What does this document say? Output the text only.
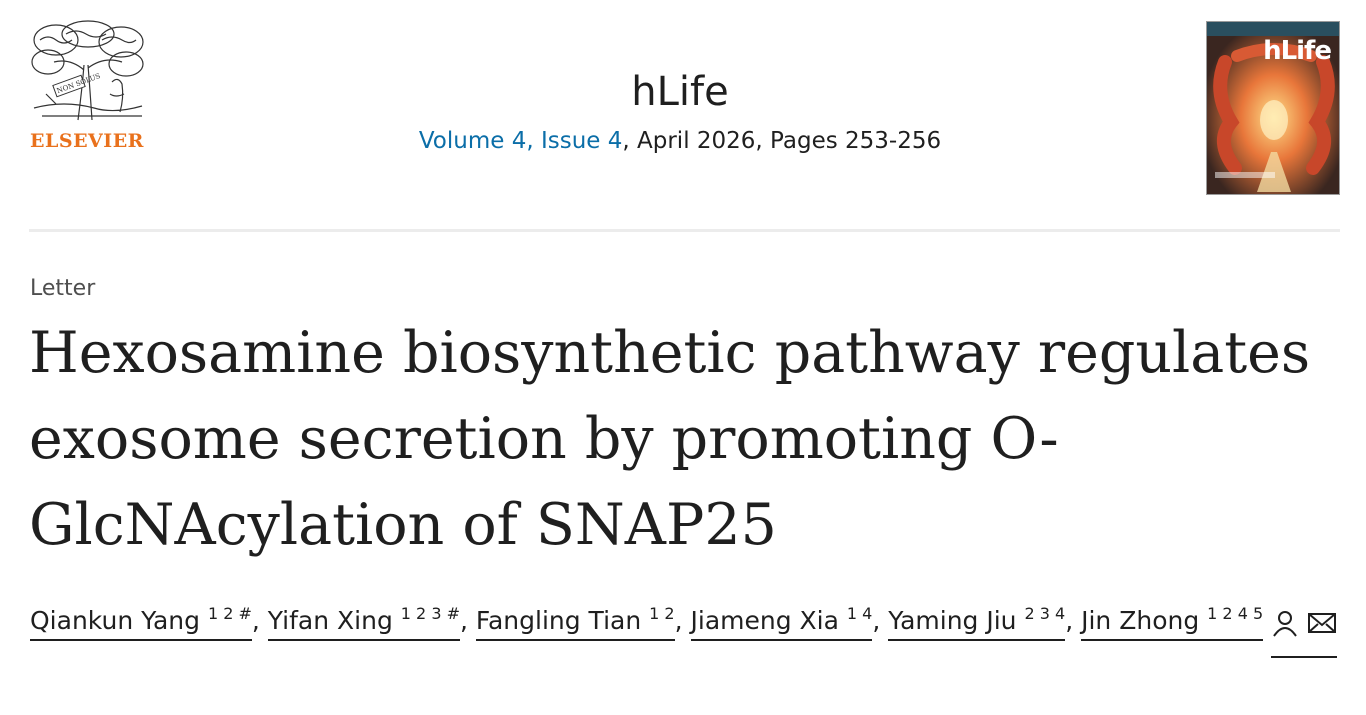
NON SOLUS
ELSEVIER
hLife
Volume 4, Issue 4, April 2026, Pages 253-256
hLife
Letter
Hexosamine biosynthetic pathway regulates exosome secretion by promoting O-GlcNAcylation of SNAP25
Qiankun Yang $^{1 2 \#}$, Yifan Xing $^{1 2 3 \#}$, Fangling Tian $^{1 2}$, Jiameng Xia $^{1 4}$, Yaming Jiu $^{2 3 4}$, Jin Zhong $^{1 2 4 5}$
